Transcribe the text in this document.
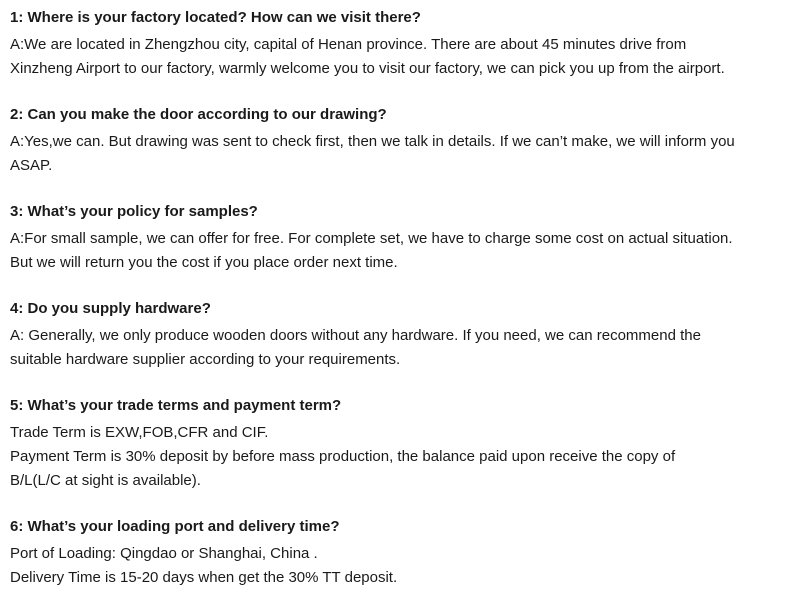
1: Where is your factory located? How can we visit there?
A:We are located in Zhengzhou city, capital of Henan province. There are about 45 minutes drive from
Xinzheng Airport to our factory, warmly welcome you to visit our factory, we can pick you up from the airport.
2: Can you make the door according to our drawing?
A:Yes,we can. But drawing was sent to check first, then we talk in details. If we can’t make, we will inform you
ASAP.
3: What’s your policy for samples?
A:For small sample, we can offer for free. For complete set, we have to charge some cost on actual situation.
But we will return you the cost if you place order next time.
4: Do you supply hardware?
A: Generally, we only produce wooden doors without any hardware. If you need, we can recommend the
suitable hardware supplier according to your requirements.
5: What’s your trade terms and payment term?
Trade Term is EXW,FOB,CFR and CIF.
Payment Term is 30% deposit by before mass production, the balance paid upon receive the copy of
B/L(L/C at sight is available).
6: What’s your loading port and delivery time?
Port of Loading: Qingdao or Shanghai, China .
Delivery Time is 15-20 days when get the 30% TT deposit.
